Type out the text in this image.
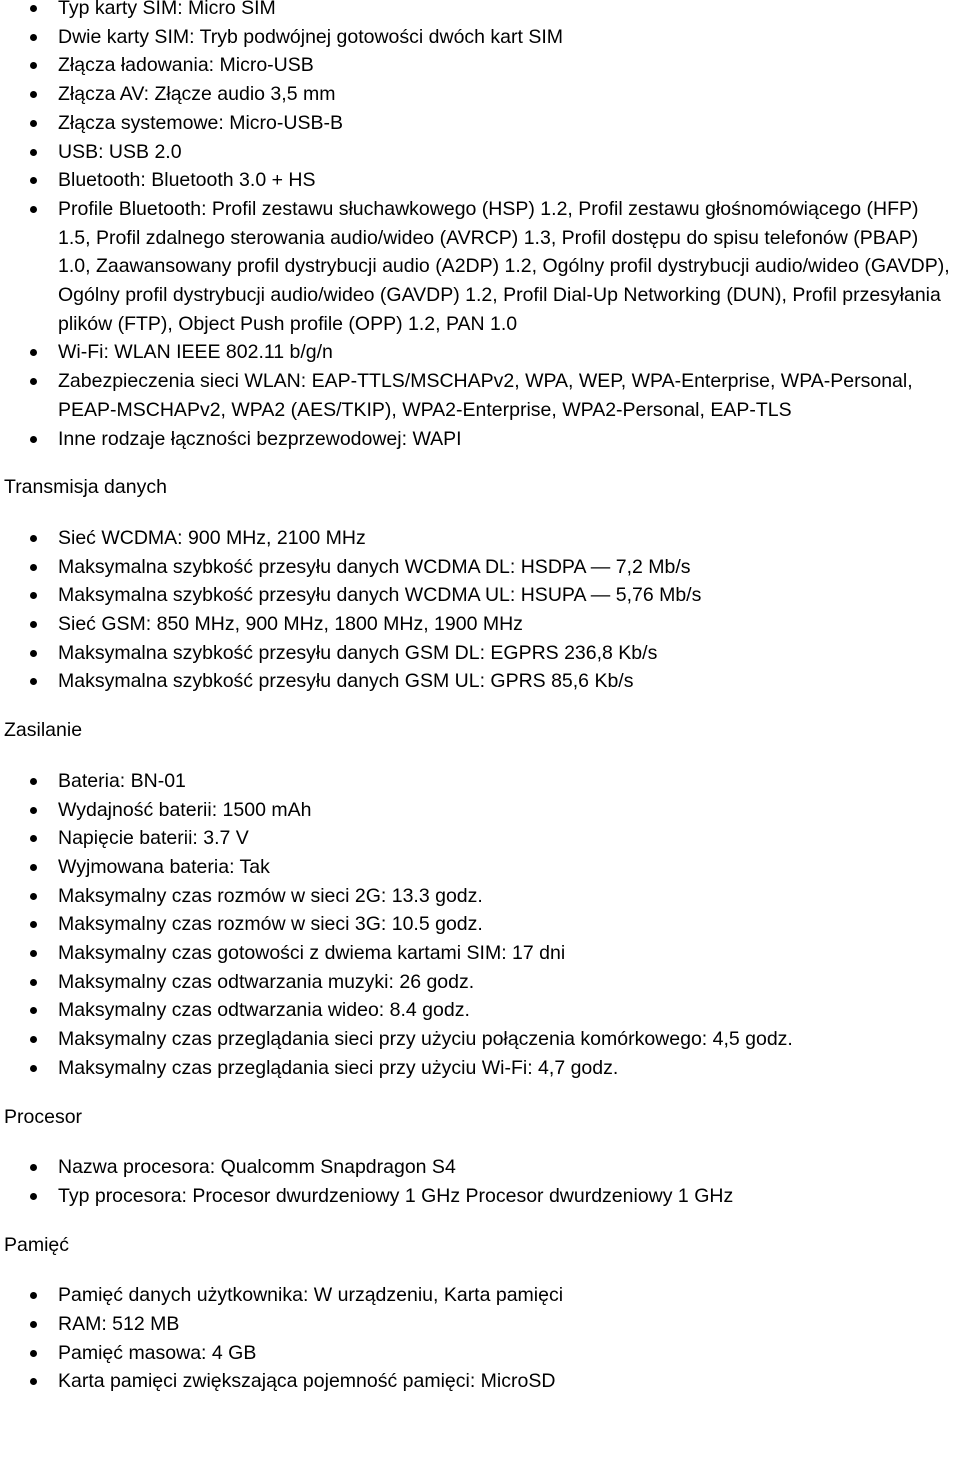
Typ karty SIM: Micro SIM
Dwie karty SIM: Tryb podwójnej gotowości dwóch kart SIM
Złącza ładowania: Micro-USB
Złącza AV: Złącze audio 3,5 mm
Złącza systemowe: Micro-USB-B
USB: USB 2.0
Bluetooth: Bluetooth 3.0 + HS
Profile Bluetooth: Profil zestawu słuchawkowego (HSP) 1.2, Profil zestawu głośnomówiącego (HFP) 1.5, Profil zdalnego sterowania audio/wideo (AVRCP) 1.3, Profil dostępu do spisu telefonów (PBAP) 1.0, Zaawansowany profil dystrybucji audio (A2DP) 1.2, Ogólny profil dystrybucji audio/wideo (GAVDP), Ogólny profil dystrybucji audio/wideo (GAVDP) 1.2, Profil Dial-Up Networking (DUN), Profil przesyłania plików (FTP), Object Push profile (OPP) 1.2, PAN 1.0
Wi-Fi: WLAN IEEE 802.11 b/g/n
Zabezpieczenia sieci WLAN: EAP-TTLS/MSCHAPv2, WPA, WEP, WPA-Enterprise, WPA-Personal, PEAP-MSCHAPv2, WPA2 (AES/TKIP), WPA2-Enterprise, WPA2-Personal, EAP-TLS
Inne rodzaje łączności bezprzewodowej: WAPI
Transmisja danych
Sieć WCDMA: 900 MHz, 2100 MHz
Maksymalna szybkość przesyłu danych WCDMA DL: HSDPA — 7,2 Mb/s
Maksymalna szybkość przesyłu danych WCDMA UL: HSUPA — 5,76 Mb/s
Sieć GSM: 850 MHz, 900 MHz, 1800 MHz, 1900 MHz
Maksymalna szybkość przesyłu danych GSM DL: EGPRS 236,8 Kb/s
Maksymalna szybkość przesyłu danych GSM UL: GPRS 85,6 Kb/s
Zasilanie
Bateria: BN-01
Wydajność baterii: 1500 mAh
Napięcie baterii: 3.7 V
Wyjmowana bateria: Tak
Maksymalny czas rozmów w sieci 2G: 13.3 godz.
Maksymalny czas rozmów w sieci 3G: 10.5 godz.
Maksymalny czas gotowości z dwiema kartami SIM: 17 dni
Maksymalny czas odtwarzania muzyki: 26 godz.
Maksymalny czas odtwarzania wideo: 8.4 godz.
Maksymalny czas przeglądania sieci przy użyciu połączenia komórkowego: 4,5 godz.
Maksymalny czas przeglądania sieci przy użyciu Wi-Fi: 4,7 godz.
Procesor
Nazwa procesora: Qualcomm Snapdragon S4
Typ procesora: Procesor dwurdzeniowy 1 GHz Procesor dwurdzeniowy 1 GHz
Pamięć
Pamięć danych użytkownika: W urządzeniu, Karta pamięci
RAM: 512 MB
Pamięć masowa: 4 GB
Karta pamięci zwiększająca pojemność pamięci: MicroSD
